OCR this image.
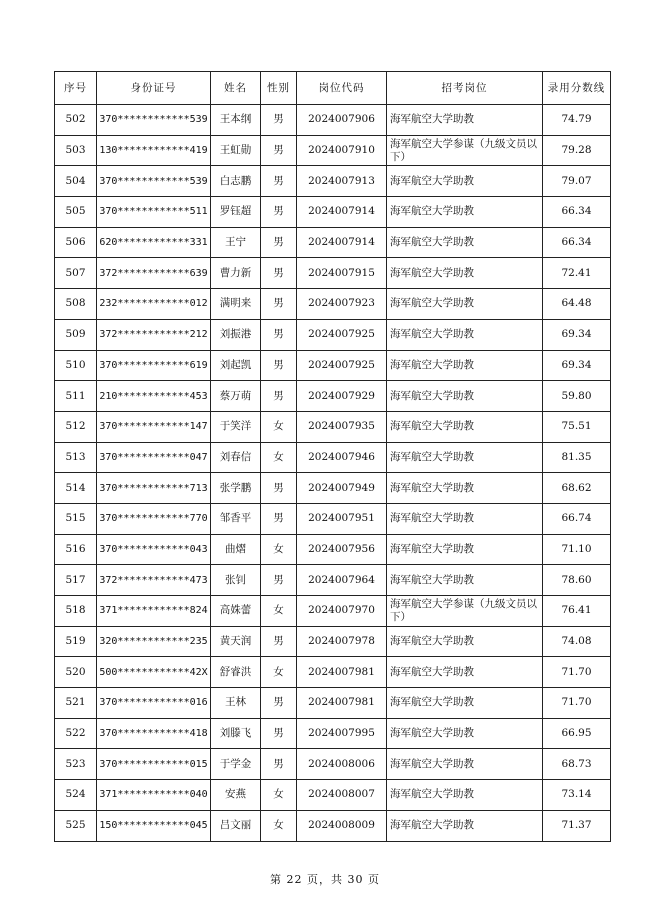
序号	身份证号	姓名	性别	岗位代码	招考岗位	录用分数线
502	370************539	王本纲	男	2024007906	海军航空大学助教	74.79
503	130************419	王虹勋	男	2024007910	海军航空大学参谋（九级文员以下）	79.28
504	370************539	白志鹏	男	2024007913	海军航空大学助教	79.07
505	370************511	罗钰超	男	2024007914	海军航空大学助教	66.34
506	620************331	王宁	男	2024007914	海军航空大学助教	66.34
507	372************639	曹力新	男	2024007915	海军航空大学助教	72.41
508	232************012	满明来	男	2024007923	海军航空大学助教	64.48
509	372************212	刘振港	男	2024007925	海军航空大学助教	69.34
510	370************619	刘起凯	男	2024007925	海军航空大学助教	69.34
511	210************453	蔡万萌	男	2024007929	海军航空大学助教	59.80
512	370************147	于笑洋	女	2024007935	海军航空大学助教	75.51
513	370************047	刘春信	女	2024007946	海军航空大学助教	81.35
514	370************713	张学鹏	男	2024007949	海军航空大学助教	68.62
515	370************770	邹香平	男	2024007951	海军航空大学助教	66.74
516	370************043	曲熠	女	2024007956	海军航空大学助教	71.10
517	372************473	张钊	男	2024007964	海军航空大学助教	78.60
518	371************824	高姝蕾	女	2024007970	海军航空大学参谋（九级文员以下）	76.41
519	320************235	黄天润	男	2024007978	海军航空大学助教	74.08
520	500************42X	舒睿洪	女	2024007981	海军航空大学助教	71.70
521	370************016	王林	男	2024007981	海军航空大学助教	71.70
522	370************418	刘滕飞	男	2024007995	海军航空大学助教	66.95
523	370************015	于学金	男	2024008006	海军航空大学助教	68.73
524	371************040	安燕	女	2024008007	海军航空大学助教	73.14
525	150************045	吕文丽	女	2024008009	海军航空大学助教	71.37
第 22 页，共 30 页
